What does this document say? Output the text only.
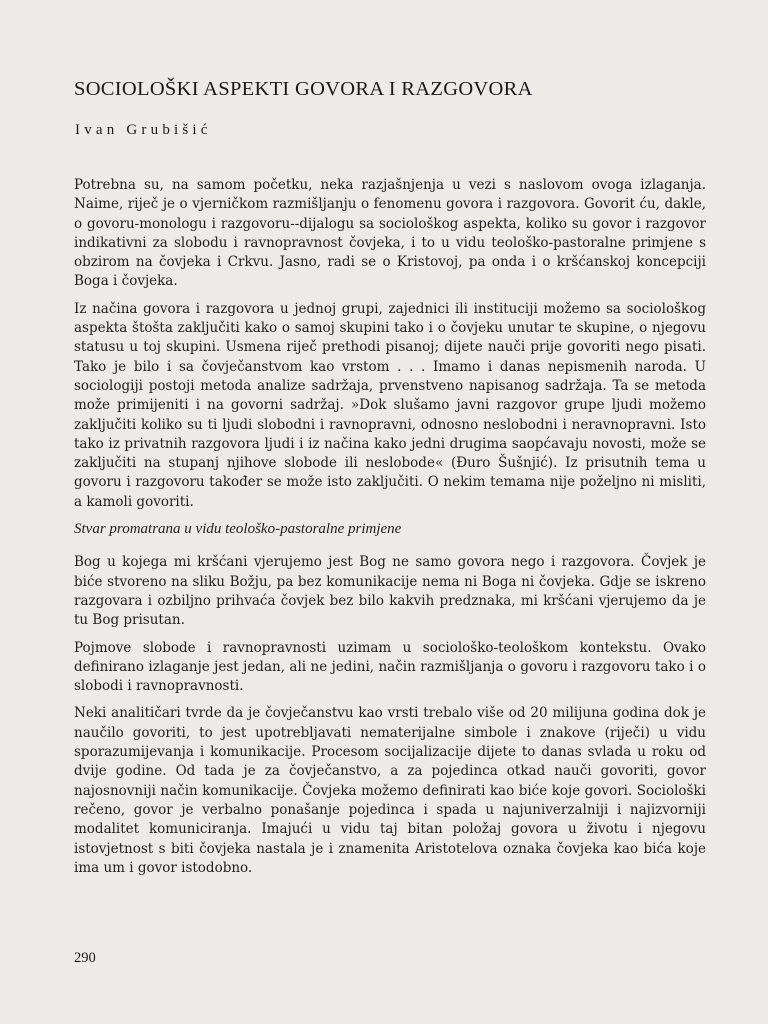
SOCIOLOŠKI ASPEKTI GOVORA I RAZGOVORA
Ivan Grubišić

Potrebna su, na samom početku, neka razjašnjenja u vezi s naslovom ovoga izlaganja. Naime, riječ je o vjerničkom razmišljanju o fenomenu govora i razgovora. Govorit ću, dakle, o govoru-monologu i razgovoru--dijalogu sa sociološkog aspekta, koliko su govor i razgovor indikativni za slobodu i ravnopravnost čovjeka, i to u vidu teološko-pastoralne primjene s obzirom na čovjeka i Crkvu. Jasno, radi se o Kristovoj, pa onda i o kršćanskoj koncepciji Boga i čovjeka.

Iz načina govora i razgovora u jednoj grupi, zajednici ili instituciji možemo sa sociološkog aspekta štošta zaključiti kako o samoj skupini tako i o čovjeku unutar te skupine, o njegovu statusu u toj skupini. Usmena riječ prethodi pisanoj; dijete nauči prije govoriti nego pisati. Tako je bilo i sa čovječanstvom kao vrstom . . . Imamo i danas nepismenih naroda. U sociologiji postoji metoda analize sadržaja, prvenstveno napisanog sadržaja. Ta se metoda može primijeniti i na govorni sadržaj. »Dok slušamo javni razgovor grupe ljudi možemo zaključiti koliko su ti ljudi slobodni i ravnopravni, odnosno neslobodni i neravnopravni. Isto tako iz privatnih razgovora ljudi i iz načina kako jedni drugima saopćavaju novosti, može se zaključiti na stupanj njihove slobode ili neslobode« (Đuro Šušnjić). Iz prisutnih tema u govoru i razgovoru također se može isto zaključiti. O nekim temama nije poželjno ni misliti, a kamoli govoriti.

Stvar promatrana u vidu teološko-pastoralne primjene

Bog u kojega mi kršćani vjerujemo jest Bog ne samo govora nego i razgovora. Čovjek je biće stvoreno na sliku Božju, pa bez komunikacije nema ni Boga ni čovjeka. Gdje se iskreno razgovara i ozbiljno prihvaća čovjek bez bilo kakvih predznaka, mi kršćani vjerujemo da je tu Bog prisutan.

Pojmove slobode i ravnopravnosti uzimam u sociološko-teološkom kontekstu. Ovako definirano izlaganje jest jedan, ali ne jedini, način razmišljanja o govoru i razgovoru tako i o slobodi i ravnopravnosti.

Neki analitičari tvrde da je čovječanstvu kao vrsti trebalo više od 20 milijuna godina dok je naučilo govoriti, to jest upotrebljavati nematerijalne simbole i znakove (riječi) u vidu sporazumijevanja i komunikacije. Procesom socijalizacije dijete to danas svlada u roku od dvije godine. Od tada je za čovječanstvo, a za pojedinca otkad nauči govoriti, govor najosnovniji način komunikacije. Čovjeka možemo definirati kao biće koje govori. Sociološki rečeno, govor je verbalno ponašanje pojedinca i spada u najuniverzalniji i najizvorniji modalitet komuniciranja. Imajući u vidu taj bitan položaj govora u životu i njegovu istovjetnost s biti čovjeka nastala je i znamenita Aristotelova oznaka čovjeka kao bića koje ima um i govor istodobno.

290
